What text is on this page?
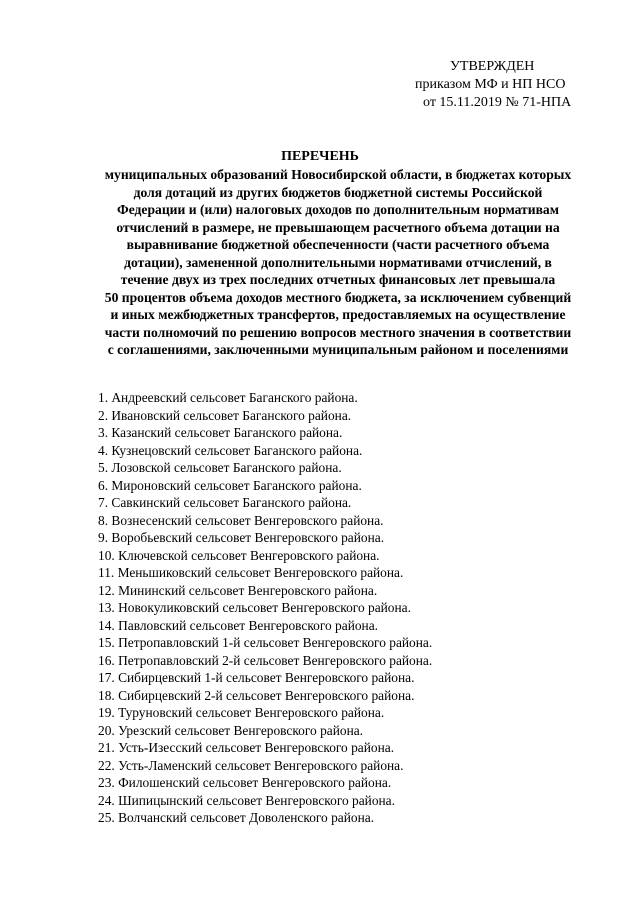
УТВЕРЖДЕН
приказом МФ и НП НСО
от 15.11.2019 № 71-НПА
ПЕРЕЧЕНЬ
муниципальных образований Новосибирской области, в бюджетах которых
доля дотаций из других бюджетов бюджетной системы Российской
Федерации и (или) налоговых доходов по дополнительным нормативам
отчислений в размере, не превышающем расчетного объема дотации на
выравнивание бюджетной обеспеченности (части расчетного объема
дотации), замененной дополнительными нормативами отчислений, в
течение двух из трех последних отчетных финансовых лет превышала
50 процентов объема доходов местного бюджета, за исключением субвенций
и иных межбюджетных трансфертов, предоставляемых на осуществление
части полномочий по решению вопросов местного значения в соответствии
с соглашениями, заключенными муниципальным районом и поселениями
1. Андреевский сельсовет Баганского района.
2. Ивановский сельсовет Баганского района.
3. Казанский сельсовет Баганского района.
4. Кузнецовский сельсовет Баганского района.
5. Лозовской сельсовет Баганского района.
6. Мироновский сельсовет Баганского района.
7. Савкинский сельсовет Баганского района.
8. Вознесенский сельсовет Венгеровского района.
9. Воробьевский сельсовет Венгеровского района.
10. Ключевской сельсовет Венгеровского района.
11. Меньшиковский сельсовет Венгеровского района.
12. Мининский сельсовет Венгеровского района.
13. Новокуликовский сельсовет Венгеровского района.
14. Павловский сельсовет Венгеровского района.
15. Петропавловский 1-й сельсовет Венгеровского района.
16. Петропавловский 2-й сельсовет Венгеровского района.
17. Сибирцевский 1-й сельсовет Венгеровского района.
18. Сибирцевский 2-й сельсовет Венгеровского района.
19. Туруновский сельсовет Венгеровского района.
20. Урезский сельсовет Венгеровского района.
21. Усть-Изесский сельсовет Венгеровского района.
22. Усть-Ламенский сельсовет Венгеровского района.
23. Филошенский сельсовет Венгеровского района.
24. Шипицынский сельсовет Венгеровского района.
25. Волчанский сельсовет Доволенского района.
